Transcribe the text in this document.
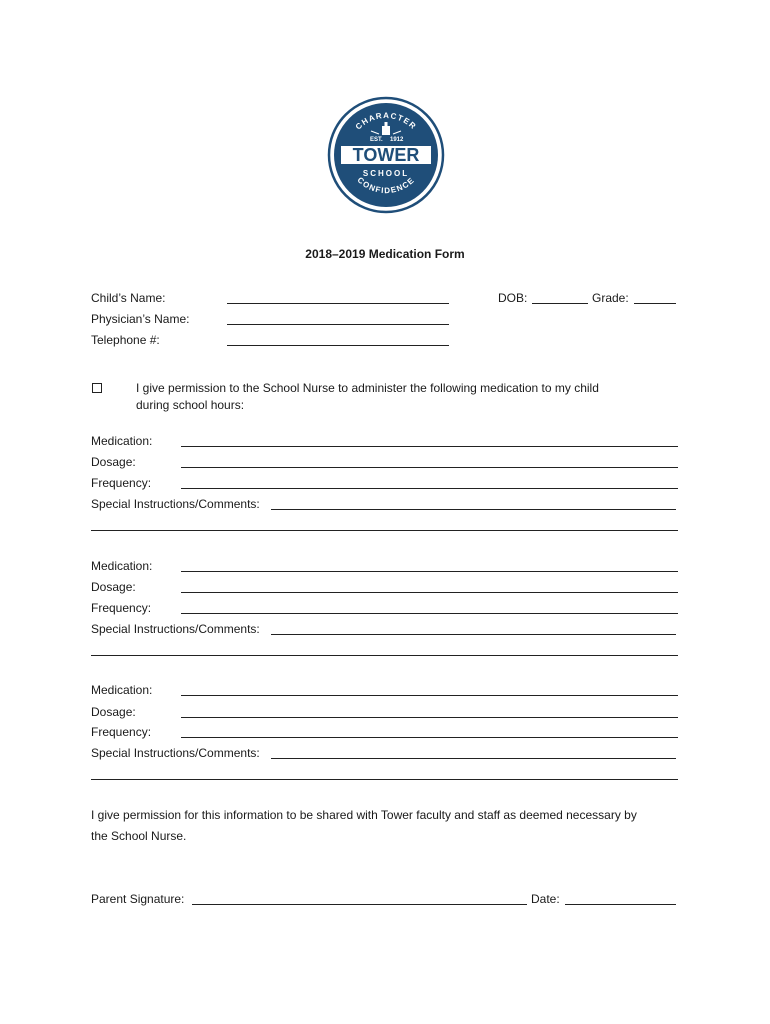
CHARACTER
CONFIDENCE
EST. 1912
TOWER
SCHOOL
2018–2019 Medication Form
Child’s Name:	DOB:	Grade:
Physician’s Name:
Telephone #:
I give permission to the School Nurse to administer the following medication to my child
during school hours:
Medication:
Dosage:
Frequency:
Special Instructions/Comments:
Medication:
Dosage:
Frequency:
Special Instructions/Comments:
Medication:
Dosage:
Frequency:
Special Instructions/Comments:
I give permission for this information to be shared with Tower faculty and staff as deemed necessary by
the School Nurse.
Parent Signature:	Date:
